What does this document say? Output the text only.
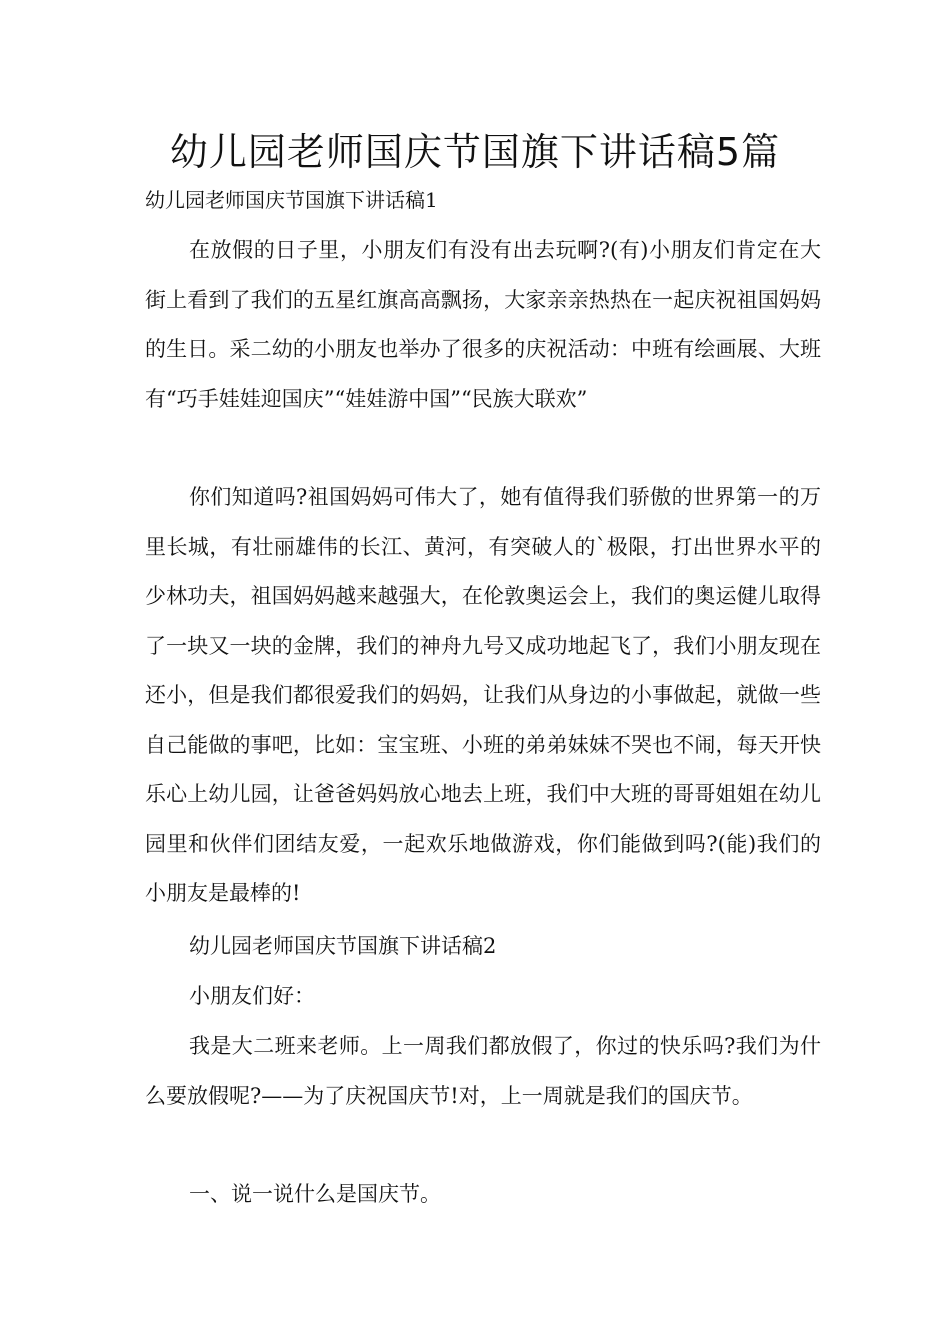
幼儿园老师国庆节国旗下讲话稿5篇

幼儿园老师国庆节国旗下讲话稿1

在放假的日子里，小朋友们有没有出去玩啊?(有)小朋友们肯定在大街上看到了我们的五星红旗高高飘扬，大家亲亲热热在一起庆祝祖国妈妈的生日。采二幼的小朋友也举办了很多的庆祝活动：中班有绘画展、大班有“巧手娃娃迎国庆”“娃娃游中国”“民族大联欢”

你们知道吗?祖国妈妈可伟大了，她有值得我们骄傲的世界第一的万里长城，有壮丽雄伟的长江、黄河，有突破人的`极限，打出世界水平的少林功夫，祖国妈妈越来越强大，在伦敦奥运会上，我们的奥运健儿取得了一块又一块的金牌，我们的神舟九号又成功地起飞了，我们小朋友现在还小，但是我们都很爱我们的妈妈，让我们从身边的小事做起，就做一些自己能做的事吧，比如：宝宝班、小班的弟弟妹妹不哭也不闹，每天开快乐心上幼儿园，让爸爸妈妈放心地去上班，我们中大班的哥哥姐姐在幼儿园里和伙伴们团结友爱，一起欢乐地做游戏，你们能做到吗?(能)我们的小朋友是最棒的!

幼儿园老师国庆节国旗下讲话稿2

小朋友们好：

我是大二班来老师。上一周我们都放假了，你过的快乐吗?我们为什么要放假呢?——为了庆祝国庆节!对，上一周就是我们的国庆节。

一、说一说什么是国庆节。
